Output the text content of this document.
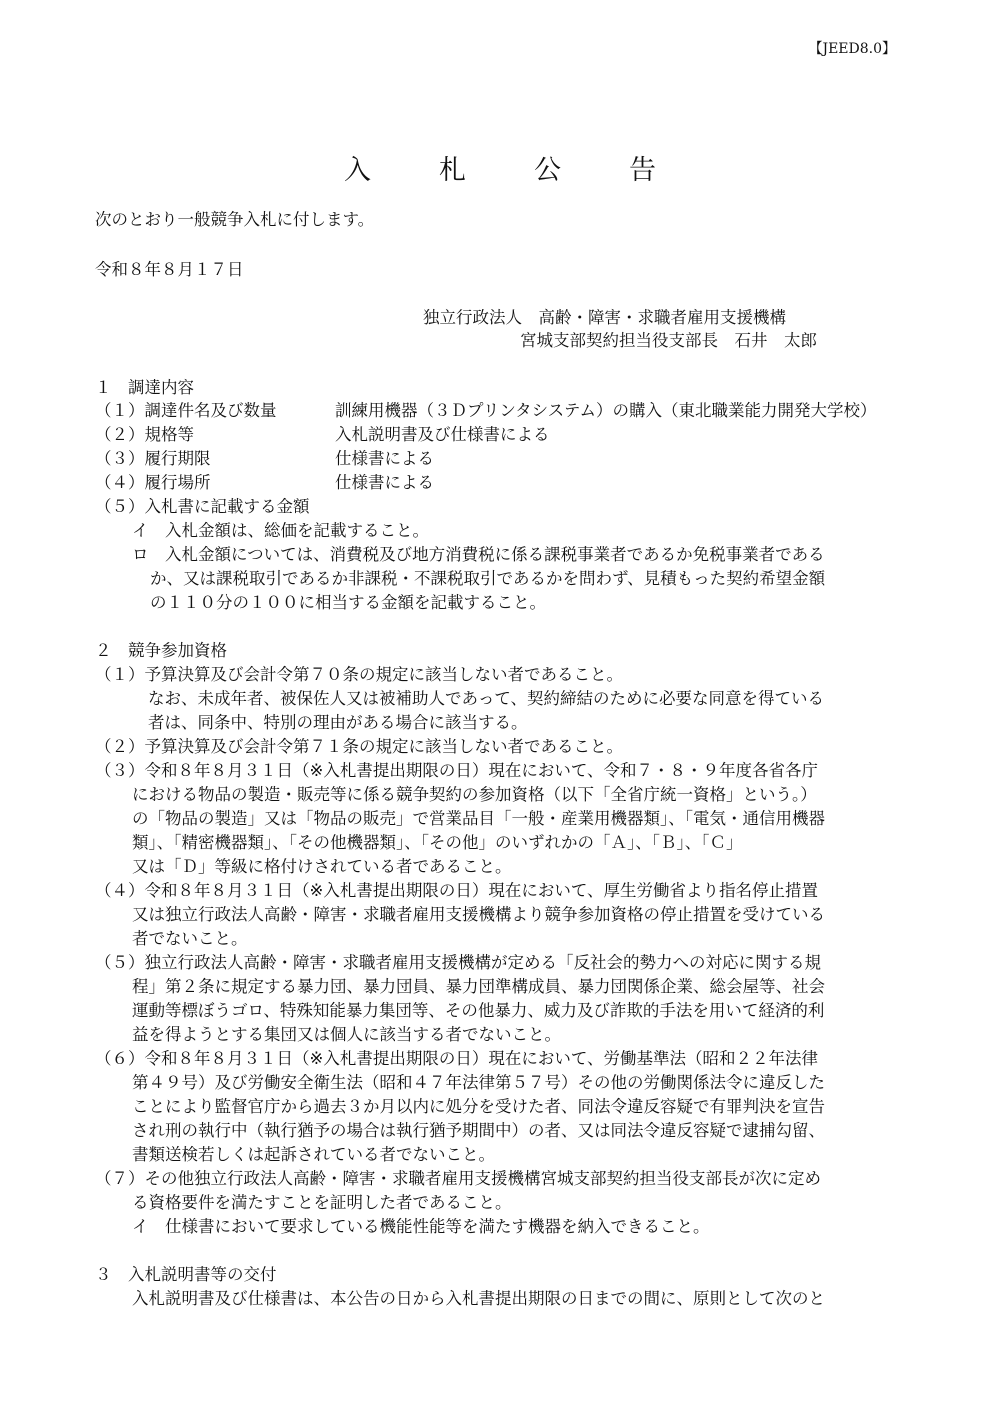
【JEED8.0】
入	札	公	告
次のとおり一般競争入札に付します。
令和８年８月１７日
独立行政法人　高齢・障害・求職者雇用支援機構
宮城支部契約担当役支部長　石井　太郎
１　調達内容
（１）調達件名及び数量	訓練用機器（３Ｄプリンタシステム）の購入（東北職業能力開発大学校）
（２）規格等	入札説明書及び仕様書による
（３）履行期限	仕様書による
（４）履行場所	仕様書による
（５）入札書に記載する金額
イ　入札金額は、総価を記載すること。
ロ　入札金額については、消費税及び地方消費税に係る課税事業者であるか免税事業者である
か、又は課税取引であるか非課税・不課税取引であるかを問わず、見積もった契約希望金額
の１１０分の１００に相当する金額を記載すること。
２　競争参加資格
（１）予算決算及び会計令第７０条の規定に該当しない者であること。
なお、未成年者、被保佐人又は被補助人であって、契約締結のために必要な同意を得ている
者は、同条中、特別の理由がある場合に該当する。
（２）予算決算及び会計令第７１条の規定に該当しない者であること。
（３）令和８年８月３１日（※入札書提出期限の日）現在において、令和７・８・９年度各省各庁
における物品の製造・販売等に係る競争契約の参加資格（以下「全省庁統一資格」という。）
の「物品の製造」又は「物品の販売」で営業品目「一般・産業用機器類」、「電気・通信用機器
類」、「精密機器類」、「その他機器類」、「その他」のいずれかの「Ａ」、「Ｂ」、「Ｃ」
又は「Ｄ」等級に格付けされている者であること。
（４）令和８年８月３１日（※入札書提出期限の日）現在において、厚生労働省より指名停止措置
又は独立行政法人高齢・障害・求職者雇用支援機構より競争参加資格の停止措置を受けている
者でないこと。
（５）独立行政法人高齢・障害・求職者雇用支援機構が定める「反社会的勢力への対応に関する規
程」第２条に規定する暴力団、暴力団員、暴力団準構成員、暴力団関係企業、総会屋等、社会
運動等標ぼうゴロ、特殊知能暴力集団等、その他暴力、威力及び詐欺的手法を用いて経済的利
益を得ようとする集団又は個人に該当する者でないこと。
（６）令和８年８月３１日（※入札書提出期限の日）現在において、労働基準法（昭和２２年法律
第４９号）及び労働安全衛生法（昭和４７年法律第５７号）その他の労働関係法令に違反した
ことにより監督官庁から過去３か月以内に処分を受けた者、同法令違反容疑で有罪判決を宣告
され刑の執行中（執行猶予の場合は執行猶予期間中）の者、又は同法令違反容疑で逮捕勾留、
書類送検若しくは起訴されている者でないこと。
（７）その他独立行政法人高齢・障害・求職者雇用支援機構宮城支部契約担当役支部長が次に定め
る資格要件を満たすことを証明した者であること。
イ　仕様書において要求している機能性能等を満たす機器を納入できること。
３　入札説明書等の交付
入札説明書及び仕様書は、本公告の日から入札書提出期限の日までの間に、原則として次のと
